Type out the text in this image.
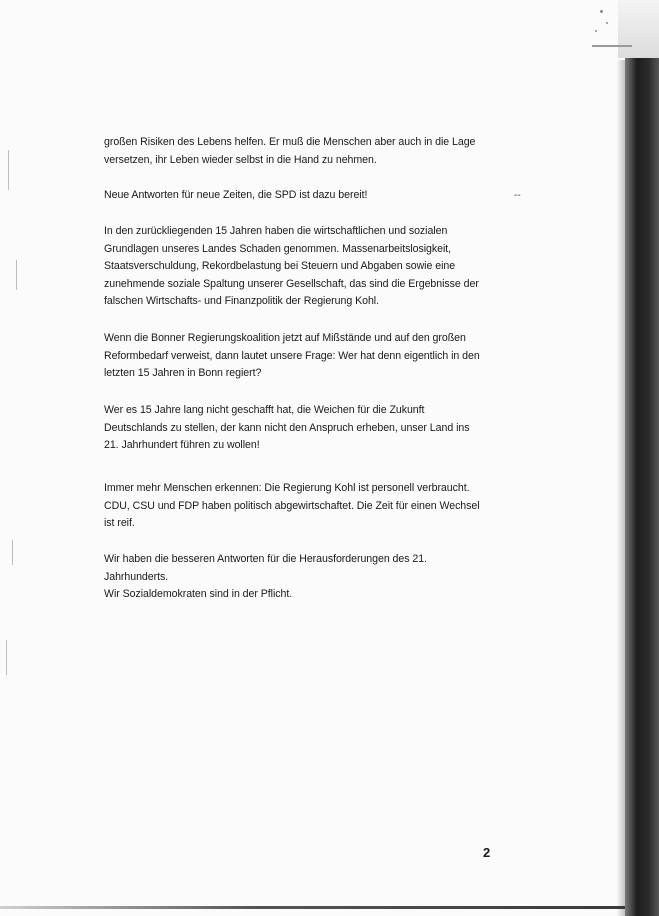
--
großen Risiken des Lebens helfen. Er muß die Menschen aber auch in die Lage
versetzen, ihr Leben wieder selbst in die Hand zu nehmen.
Neue Antworten für neue Zeiten, die SPD ist dazu bereit!
In den zurückliegenden 15 Jahren haben die wirtschaftlichen und sozialen
Grundlagen unseres Landes Schaden genommen. Massenarbeitslosigkeit,
Staatsverschuldung, Rekordbelastung bei Steuern und Abgaben sowie eine
zunehmende soziale Spaltung unserer Gesellschaft, das sind die Ergebnisse der
falschen Wirtschafts- und Finanzpolitik der Regierung Kohl.
Wenn die Bonner Regierungskoalition jetzt auf Mißstände und auf den großen
Reformbedarf verweist, dann lautet unsere Frage: Wer hat denn eigentlich in den
letzten 15 Jahren in Bonn regiert?
Wer es 15 Jahre lang nicht geschafft hat, die Weichen für die Zukunft
Deutschlands zu stellen, der kann nicht den Anspruch erheben, unser Land ins
21. Jahrhundert führen zu wollen!
Immer mehr Menschen erkennen: Die Regierung Kohl ist personell verbraucht.
CDU, CSU und FDP haben politisch abgewirtschaftet. Die Zeit für einen Wechsel
ist reif.
Wir haben die besseren Antworten für die Herausforderungen des 21.
Jahrhunderts.
Wir Sozialdemokraten sind in der Pflicht.
2
